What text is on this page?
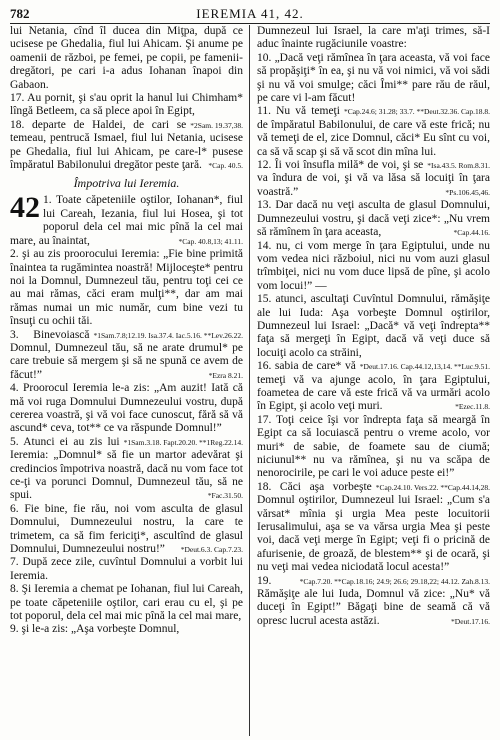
782	IEREMIA 41, 42.

lui Netania, cînd îl ducea din Miţpa, după ce ucisese pe Ghedalia, fiul lui Ahicam. Şi anume pe oamenii de război, pe femei, pe copii, pe famenii-dregători, pe cari i-a adus Iohanan înapoi din Gabaon.

17. Au pornit, şi s'au oprit la hanul lui Chimham* lîngă Betleem, ca să plece apoi în Egipt,
*2Sam. 19.37,38.

18. departe de Haldei, de cari se temeau, pentrucă Ismael, fiul lui Netania, ucisese pe Ghedalia, fiul lui Ahicam, pe care-l* pusese împăratul Babilonului dregător peste ţară. *Cap. 40.5.

Împotriva lui Ieremia.

42 1. Toate căpeteniile oştilor, Iohanan*, fiul lui Careah, Iezania, fiul lui Hosea, şi tot poporul dela cel mai mic pînă la cel mai mare, au înaintat,	*Cap. 40.8,13; 41.11.

2. şi au zis proorocului Ieremia: „Fie bine primită înaintea ta rugămintea noastră! Mijloceşte* pentru noi la Domnul, Dumnezeul tău, pentru toţi cei ce au mai rămas, căci eram mulţi**, dar am mai rămas numai un mic număr, cum bine vezi tu însuţi cu ochii tăi.
*1Sam.7.8;12.19. Isa.37.4. Iac.5.16. **Lev.26.22.

3. Binevoiască Domnul, Dumnezeul tău, să ne arate drumul* pe care trebuie să mergem şi să ne spună ce avem de făcut!”	*Ezra 8.21.

4. Proorocul Ieremia le-a zis: „Am auzit! Iată că mă voi ruga Domnului Dumnezeului vostru, după cererea voastră, şi vă voi face cunoscut, fără să vă ascund* ceva, tot** ce va răspunde Domnul!”
*1Sam.3.18. Fapt.20.20. **1Reg.22.14.

5. Atunci ei au zis lui Ieremia: „Domnul* să fie un martor adevărat şi credincios împotriva noastră, dacă nu vom face tot ce-ţi va porunci Domnul, Dumnezeul tău, să ne spui.	*Fac.31.50.

6. Fie bine, fie rău, noi vom asculta de glasul Domnului, Dumnezeului nostru, la care te trimetem, ca să fim fericiţi*, ascultînd de glasul Domnului, Dumnezeului nostru!”	*Deut.6.3. Cap.7.23.

7. După zece zile, cuvîntul Domnului a vorbit lui Ieremia.

8. Şi Ieremia a chemat pe Iohanan, fiul lui Careah, pe toate căpeteniile oştilor, cari erau cu el, şi pe tot poporul, dela cel mai mic pînă la cel mai mare,

9. şi le-a zis: „Aşa vorbeşte Domnul,

Dumnezeul lui Israel, la care m'aţi trimes, să-I aduc înainte rugăciunile voastre:

10. „Dacă veţi rămînea în ţara aceasta, vă voi face să propăşiţi* în ea, şi nu vă voi nimici, vă voi sădi şi nu vă voi smulge; căci Îmi** pare rău de răul, pe care vi l-am făcut!
*Cap.24.6; 31.28; 33.7. **Deut.32.36. Cap.18.8.

11. Nu vă temeţi de împăratul Babilonului, de care vă este frică; nu vă temeţi de el, zice Domnul, căci* Eu sînt cu voi, ca să vă scap şi să vă scot din mîna lui.
*Isa.43.5. Rom.8.31.

12. Îi voi însufla milă* de voi, şi se va îndura de voi, şi vă va lăsa să locuiţi în ţara voastră.”	*Ps.106.45,46.

13. Dar dacă nu veţi asculta de glasul Domnului, Dumnezeului vostru, şi dacă veţi zice*: „Nu vrem să rămînem în ţara aceasta,	*Cap.44.16.

14. nu, ci vom merge în ţara Egiptului, unde nu vom vedea nici războiul, nici nu vom auzi glasul trîmbiţei, nici nu vom duce lipsă de pîne, şi acolo vom locui!” —

15. atunci, ascultaţi Cuvîntul Domnului, rămăşiţe ale lui Iuda: Aşa vorbeşte Domnul oştirilor, Dumnezeul lui Israel: „Dacă* vă veţi îndrepta** faţa să mergeţi în Egipt, dacă vă veţi duce să locuiţi acolo ca străini,
*Deut.17.16. Cap.44.12,13,14. **Luc.9.51.

16. sabia de care* vă temeţi vă va ajunge acolo, în ţara Egiptului, foametea de care vă este frică vă va urmări acolo în Egipt, şi acolo veţi muri.	*Ezec.11.8.

17. Toţi ceice îşi vor îndrepta faţa să meargă în Egipt ca să locuiască pentru o vreme acolo, vor muri* de sabie, de foamete sau de ciumă; niciunul** nu va rămînea, şi nu va scăpa de nenorocirile, pe cari le voi aduce peste ei!”
*Cap.24.10. Vers.22. **Cap.44.14,28.

18. Căci aşa vorbeşte Domnul oştirilor, Dumnezeul lui Israel: „Cum s'a vărsat* mînia şi urgia Mea peste locuitorii Ierusalimului, aşa se va vărsa urgia Mea şi peste voi, dacă veţi merge în Egipt; veţi fi o pricină de afurisenie, de groază, de blestem** şi de ocară, şi nu veţi mai vedea niciodată locul acesta!”
*Cap.7.20. **Cap.18.16; 24.9; 26.6; 29.18,22; 44.12. Zah.8.13.

19. Rămăşiţe ale lui Iuda, Domnul vă zice: „Nu* vă duceţi în Egipt!” Băgaţi bine de seamă că vă opresc lucrul acesta astăzi.	*Deut.17.16.
